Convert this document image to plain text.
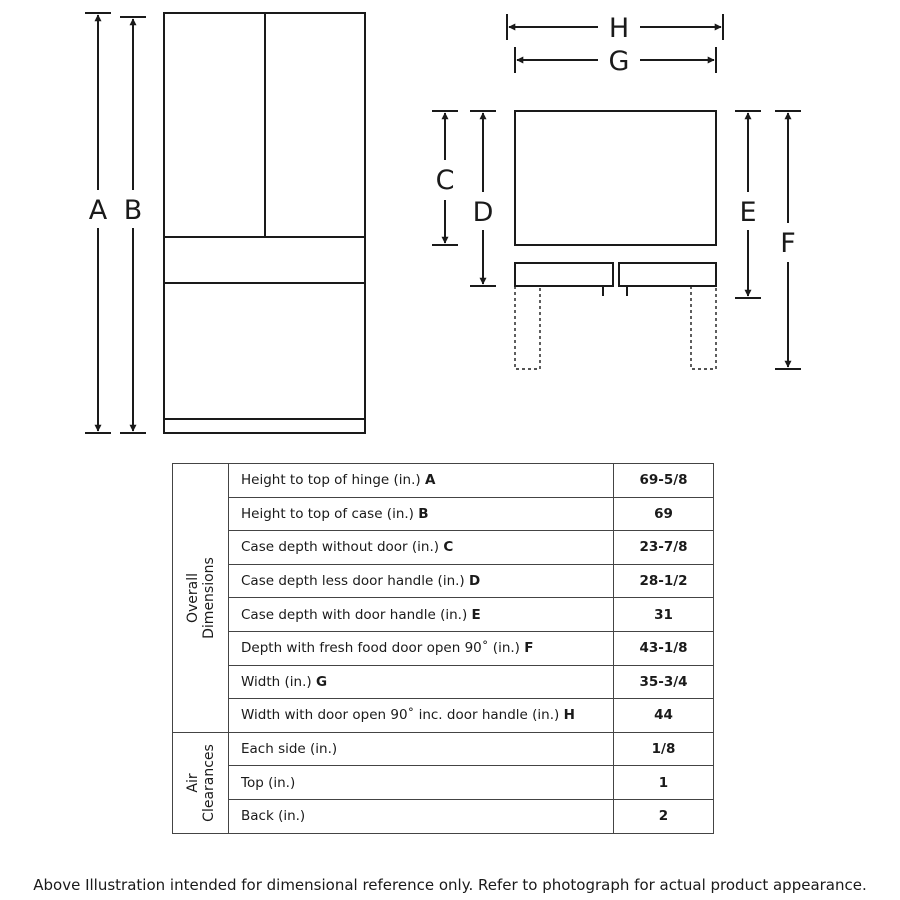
A B
H
G
C
D	E
F
Overall Dimensions	Height to top of hinge (in.) A	69-5/8
	Height to top of case (in.) B	69
	Case depth without door (in.) C	23-7/8
	Case depth less door handle (in.) D	28-1/2
	Case depth with door handle (in.) E	31
	Depth with fresh food door open 90˚ (in.) F	43-1/8
	Width (in.) G	35-3/4
	Width with door open 90˚ inc. door handle (in.) H	44

Air Clearances	Each side (in.)	1/8
	Top (in.)	1
	Back (in.)	2
Above Illustration intended for dimensional reference only. Refer to photograph for actual product appearance.
